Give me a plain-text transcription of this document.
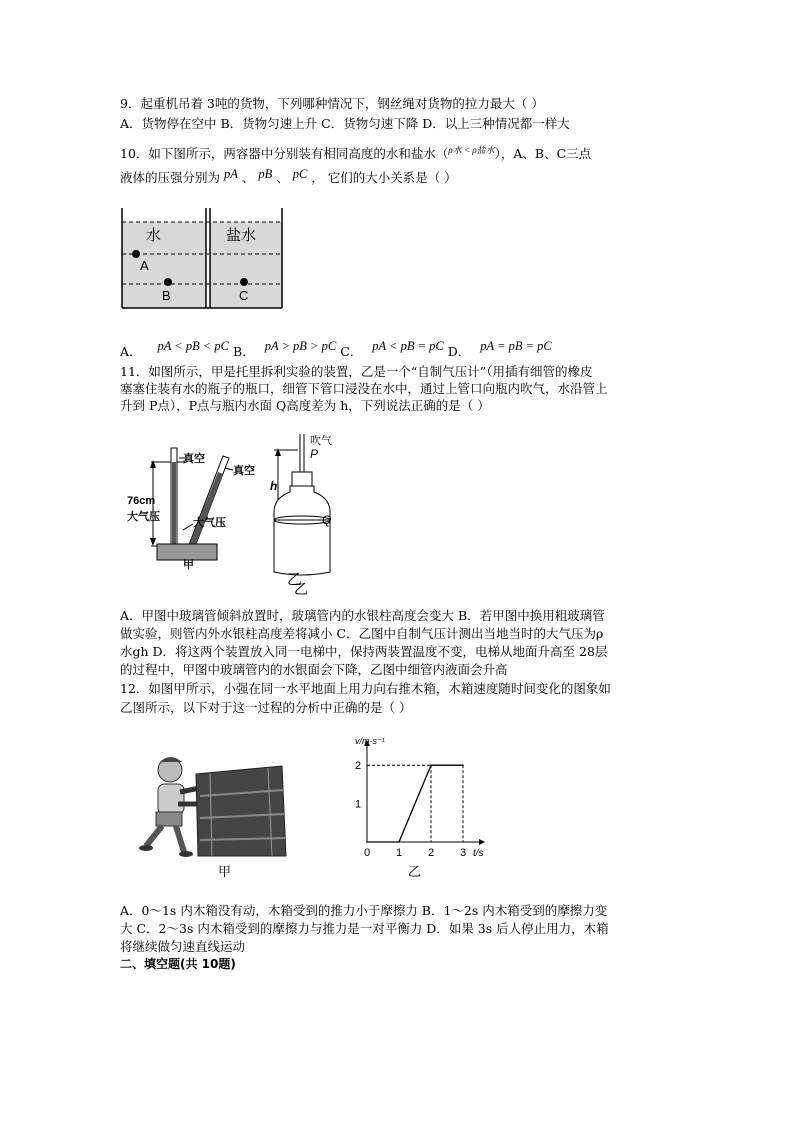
9．起重机吊着 3吨的货物，下列哪种情况下，钢丝绳对货物的拉力最大（ ）
A．货物停在空中 B．货物匀速上升 C．货物匀速下降 D．以上三种情况都一样大
10．如下图所示，两容器中分别装有相同高度的水和盐水（$^{\rho 水 < \rho 盐水}$），A、B、C三点
液体的压强分别为 pA 、 pB 、 pC ， 它们的大小关系是（ ）
水	盐水
A
B	C
A． pA < pB < pC B． pA > pB > pC C． pA < pB = pC D． pA = pB = pC
11．如图所示，甲是托里拆利实验的装置，乙是一个“自制气压计”（用插有细管的橡皮
塞塞住装有水的瓶子的瓶口，细管下管口浸没在水中，通过上管口向瓶内吹气，水沿管上
升到 P点），P点与瓶内水面 Q高度差为 h，下列说法正确的是（ ）
76cm
大气压
真空
真空
大气压
甲
吹气
P
h
Q
乙
乙
A．甲图中玻璃管倾斜放置时，玻璃管内的水银柱高度会变大 B．若甲图中换用粗玻璃管
做实验，则管内外水银柱高度差将减小 C．乙图中自制气压计测出当地当时的大气压为ρ
水gh D．将这两个装置放入同一电梯中，保持两装置温度不变，电梯从地面升高至 28层
的过程中，甲图中玻璃管内的水银面会下降，乙图中细管内液面会升高
12．如图甲所示，小强在同一水平地面上用力向右推木箱，木箱速度随时间变化的图象如
乙图所示，以下对于这一过程的分析中正确的是（ ）
甲
t/s
v/m·s⁻¹
0 1 2 3
1
2
乙
A．0～1s 内木箱没有动，木箱受到的推力小于摩擦力 B．1～2s 内木箱受到的摩擦力变
大 C．2～3s 内木箱受到的摩擦力与推力是一对平衡力 D．如果 3s 后人停止用力，木箱
将继续做匀速直线运动
二、填空题(共 10题)
